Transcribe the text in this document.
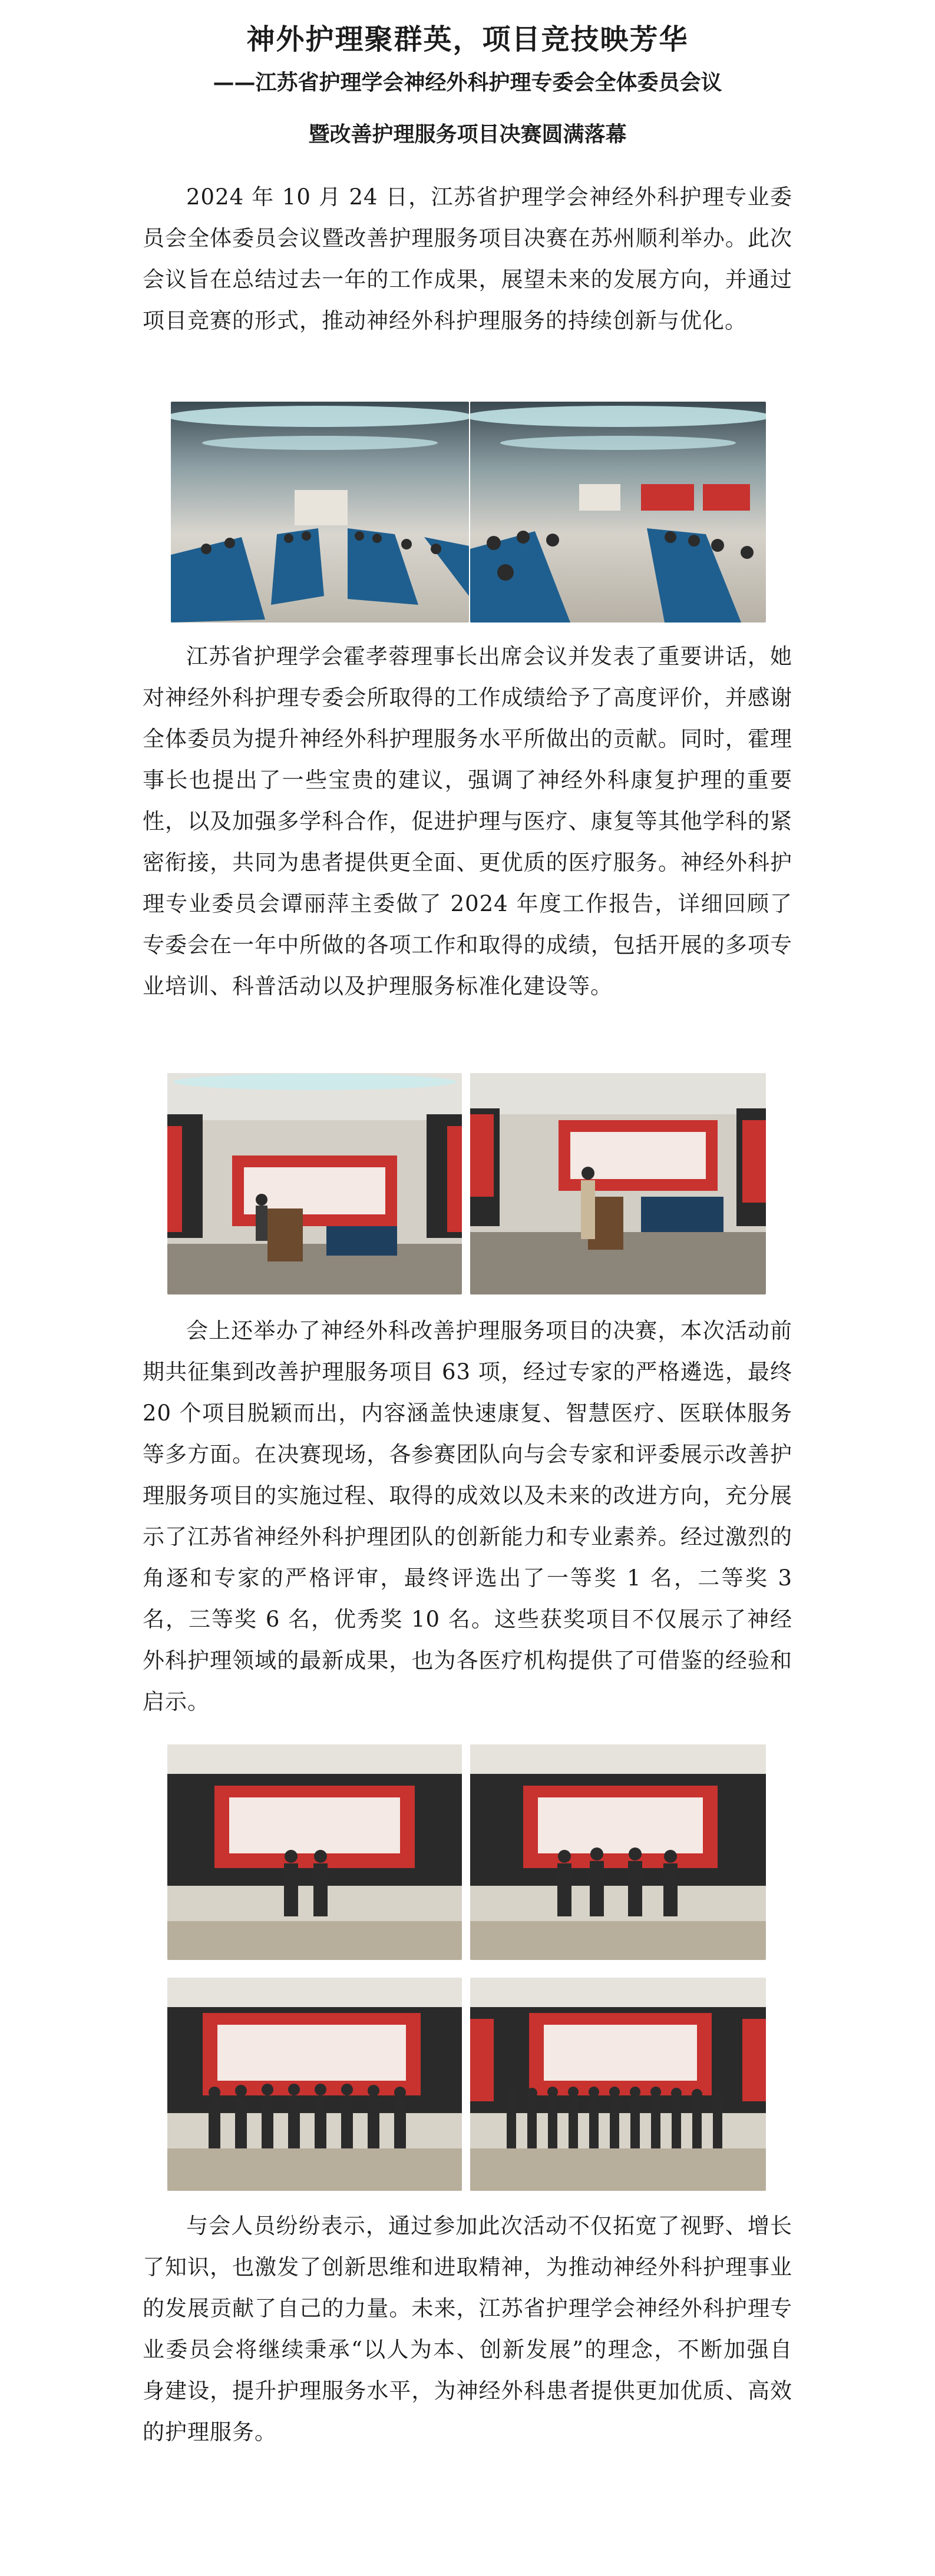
神外护理聚群英，项目竞技映芳华
——江苏省护理学会神经外科护理专委会全体委员会议
暨改善护理服务项目决赛圆满落幕

2024 年 10 月 24 日，江苏省护理学会神经外科护理专业委员会全体委员会议暨改善护理服务项目决赛在苏州顺利举办。此次会议旨在总结过去一年的工作成果，展望未来的发展方向，并通过项目竞赛的形式，推动神经外科护理服务的持续创新与优化。

江苏省护理学会霍孝蓉理事长出席会议并发表了重要讲话，她对神经外科护理专委会所取得的工作成绩给予了高度评价，并感谢全体委员为提升神经外科护理服务水平所做出的贡献。同时，霍理事长也提出了一些宝贵的建议，强调了神经外科康复护理的重要性，以及加强多学科合作，促进护理与医疗、康复等其他学科的紧密衔接，共同为患者提供更全面、更优质的医疗服务。神经外科护理专业委员会谭丽萍主委做了 2024 年度工作报告，详细回顾了专委会在一年中所做的各项工作和取得的成绩，包括开展的多项专业培训、科普活动以及护理服务标准化建设等。

会上还举办了神经外科改善护理服务项目的决赛，本次活动前期共征集到改善护理服务项目 63 项，经过专家的严格遴选，最终 20 个项目脱颖而出，内容涵盖快速康复、智慧医疗、医联体服务等多方面。在决赛现场，各参赛团队向与会专家和评委展示改善护理服务项目的实施过程、取得的成效以及未来的改进方向，充分展示了江苏省神经外科护理团队的创新能力和专业素养。经过激烈的角逐和专家的严格评审，最终评选出了一等奖 1 名，二等奖 3 名，三等奖 6 名，优秀奖 10 名。这些获奖项目不仅展示了神经外科护理领域的最新成果，也为各医疗机构提供了可借鉴的经验和启示。

与会人员纷纷表示，通过参加此次活动不仅拓宽了视野、增长了知识，也激发了创新思维和进取精神，为推动神经外科护理事业的发展贡献了自己的力量。未来，江苏省护理学会神经外科护理专业委员会将继续秉承“以人为本、创新发展”的理念，不断加强自身建设，提升护理服务水平，为神经外科患者提供更加优质、高效的护理服务。
